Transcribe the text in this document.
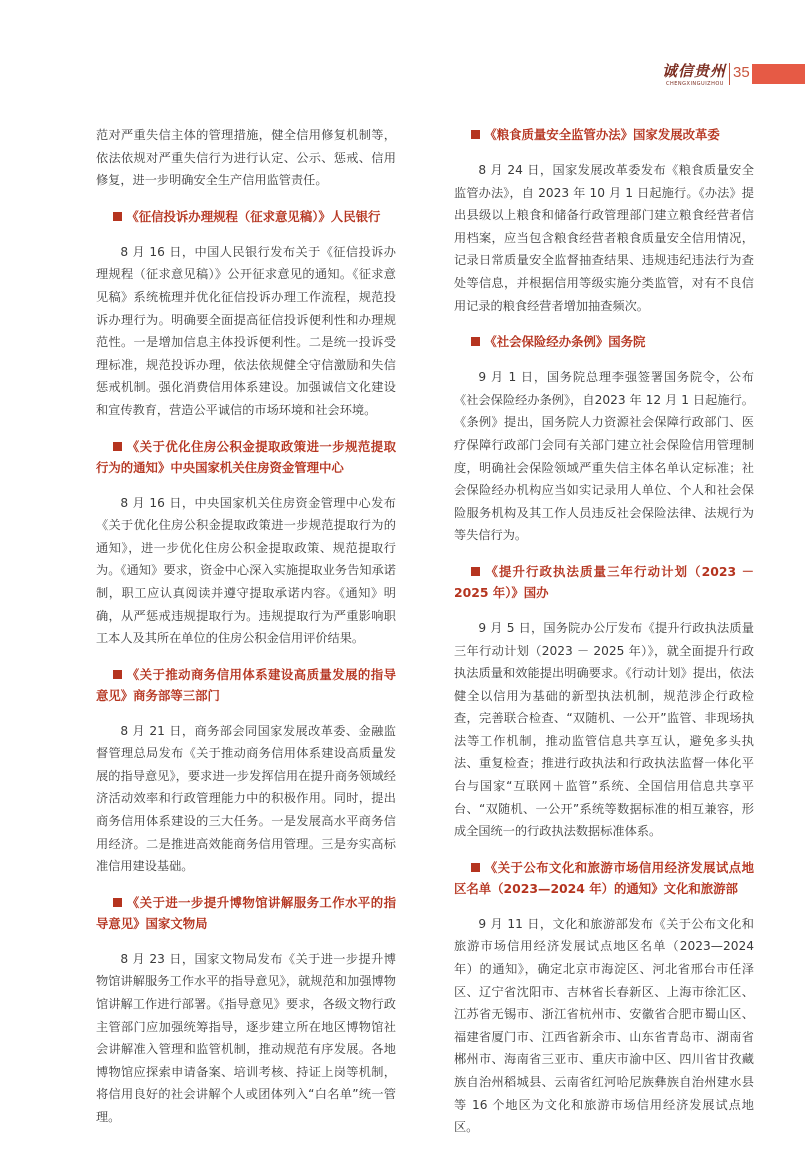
诚信贵州
CHENGXINGUIZHOU
35

范对严重失信主体的管理措施，健全信用修复机制等，依法依规对严重失信行为进行认定、公示、惩戒、信用修复，进一步明确安全生产信用监管责任。

《征信投诉办理规程（征求意见稿）》人民银行

8 月 16 日，中国人民银行发布关于《征信投诉办理规程（征求意见稿）》公开征求意见的通知。《征求意见稿》系统梳理并优化征信投诉办理工作流程，规范投诉办理行为。明确要全面提高征信投诉便利性和办理规范性。一是增加信息主体投诉便利性。二是统一投诉受理标准，规范投诉办理，依法依规健全守信激励和失信惩戒机制。强化消费信用体系建设。加强诚信文化建设和宣传教育，营造公平诚信的市场环境和社会环境。

《关于优化住房公积金提取政策进一步规范提取行为的通知》中央国家机关住房资金管理中心

8 月 16 日，中央国家机关住房资金管理中心发布《关于优化住房公积金提取政策进一步规范提取行为的通知》，进一步优化住房公积金提取政策、规范提取行为。《通知》要求，资金中心深入实施提取业务告知承诺制，职工应认真阅读并遵守提取承诺内容。《通知》明确，从严惩戒违规提取行为。违规提取行为严重影响职工本人及其所在单位的住房公积金信用评价结果。

《关于推动商务信用体系建设高质量发展的指导意见》商务部等三部门

8 月 21 日，商务部会同国家发展改革委、金融监督管理总局发布《关于推动商务信用体系建设高质量发展的指导意见》，要求进一步发挥信用在提升商务领域经济活动效率和行政管理能力中的积极作用。同时，提出商务信用体系建设的三大任务。一是发展高水平商务信用经济。二是推进高效能商务信用管理。三是夯实高标准信用建设基础。

《关于进一步提升博物馆讲解服务工作水平的指导意见》国家文物局

8 月 23 日，国家文物局发布《关于进一步提升博物馆讲解服务工作水平的指导意见》，就规范和加强博物馆讲解工作进行部署。《指导意见》要求，各级文物行政主管部门应加强统筹指导，逐步建立所在地区博物馆社会讲解准入管理和监管机制，推动规范有序发展。各地博物馆应探索申请备案、培训考核、持证上岗等机制，将信用良好的社会讲解个人或团体列入“白名单”统一管理。

《粮食质量安全监管办法》国家发展改革委

8 月 24 日，国家发展改革委发布《粮食质量安全监管办法》，自 2023 年 10 月 1 日起施行。《办法》提出县级以上粮食和储备行政管理部门建立粮食经营者信用档案，应当包含粮食经营者粮食质量安全信用情况，记录日常质量安全监督抽查结果、违规违纪违法行为查处等信息，并根据信用等级实施分类监管，对有不良信用记录的粮食经营者增加抽查频次。

《社会保险经办条例》国务院

9 月 1 日，国务院总理李强签署国务院令，公布《社会保险经办条例》，自2023 年 12 月 1 日起施行。《条例》提出，国务院人力资源社会保障行政部门、医疗保障行政部门会同有关部门建立社会保险信用管理制度，明确社会保险领域严重失信主体名单认定标准；社会保险经办机构应当如实记录用人单位、个人和社会保险服务机构及其工作人员违反社会保险法律、法规行为等失信行为。

《提升行政执法质量三年行动计划（2023 － 2025 年）》国办

9 月 5 日，国务院办公厅发布《提升行政执法质量三年行动计划（2023 － 2025 年）》，就全面提升行政执法质量和效能提出明确要求。《行动计划》提出，依法健全以信用为基础的新型执法机制，规范涉企行政检查，完善联合检查、“双随机、一公开”监管、非现场执法等工作机制，推动监管信息共享互认，避免多头执法、重复检查；推进行政执法和行政执法监督一体化平台与国家“互联网＋监管”系统、全国信用信息共享平台、“双随机、一公开”系统等数据标准的相互兼容，形成全国统一的行政执法数据标准体系。

《关于公布文化和旅游市场信用经济发展试点地区名单（2023—2024 年）的通知》文化和旅游部

9 月 11 日，文化和旅游部发布《关于公布文化和旅游市场信用经济发展试点地区名单（2023—2024 年）的通知》，确定北京市海淀区、河北省邢台市任泽区、辽宁省沈阳市、吉林省长春新区、上海市徐汇区、江苏省无锡市、浙江省杭州市、安徽省合肥市蜀山区、福建省厦门市、江西省新余市、山东省青岛市、湖南省郴州市、海南省三亚市、重庆市渝中区、四川省甘孜藏族自治州稻城县、云南省红河哈尼族彝族自治州建水县等 16 个地区为文化和旅游市场信用经济发展试点地区。
